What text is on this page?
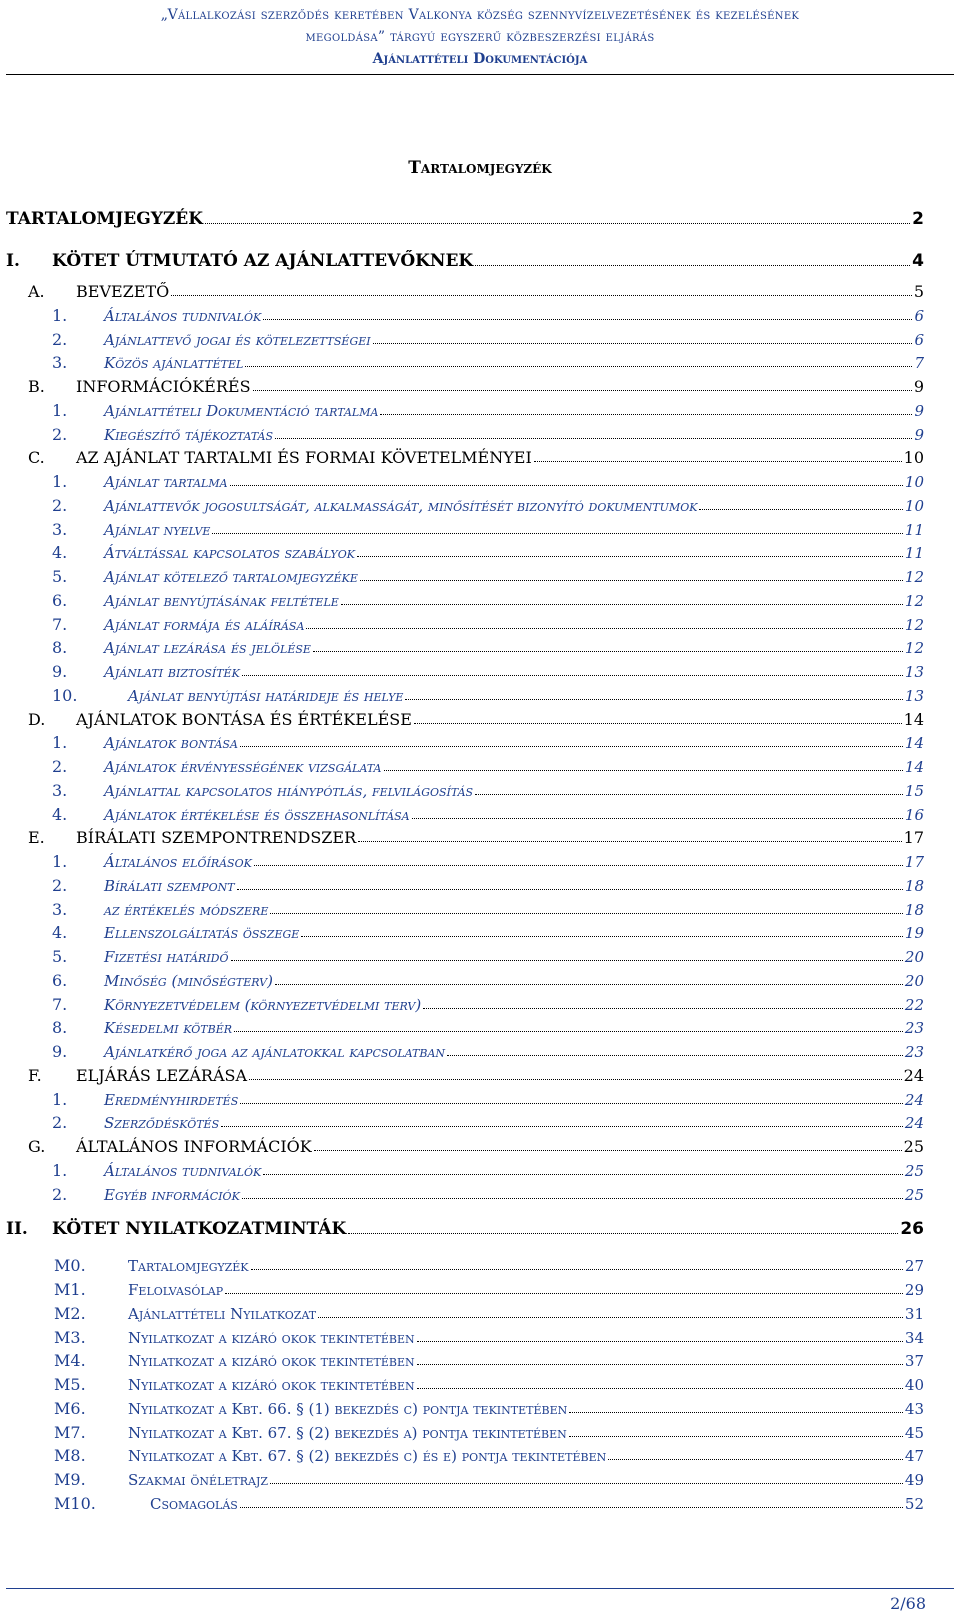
„Vállalkozási szerződés keretében Valkonya község szennyvízelvezetésének és kezelésének
megoldása” tárgyú egyszerű közbeszerzési eljárás
Ajánlattételi Dokumentációja
Tartalomjegyzék
TARTALOMJEGYZÉK	2
I.	KÖTET ÚTMUTATÓ AZ AJÁNLATTEVŐKNEK	4
A.	BEVEZETŐ	5
1.	Általános tudnivalók	6
2.	Ajánlattevő jogai és kötelezettségei	6
3.	Közös ajánlattétel	7
B.	INFORMÁCIÓKÉRÉS	9
1.	Ajánlattételi Dokumentáció tartalma	9
2.	Kiegészítő tájékoztatás	9
C.	AZ AJÁNLAT TARTALMI ÉS FORMAI KÖVETELMÉNYEI	10
1.	Ajánlat tartalma	10
2.	Ajánlattevők jogosultságát, alkalmasságát, minősítését bizonyító dokumentumok	10
3.	Ajánlat nyelve	11
4.	Átváltással kapcsolatos szabályok	11
5.	Ajánlat kötelező tartalomjegyzéke	12
6.	Ajánlat benyújtásának feltétele	12
7.	Ajánlat formája és aláírása	12
8.	Ajánlat lezárása és jelölése	12
9.	Ajánlati biztosíték	13
10.	Ajánlat benyújtási határideje és helye	13
D.	AJÁNLATOK BONTÁSA ÉS ÉRTÉKELÉSE	14
1.	Ajánlatok bontása	14
2.	Ajánlatok érvényességének vizsgálata	14
3.	Ajánlattal kapcsolatos hiánypótlás, felvilágosítás	15
4.	Ajánlatok értékelése és összehasonlítása	16
E.	BÍRÁLATI SZEMPONTRENDSZER	17
1.	Általános előírások	17
2.	Bírálati szempont	18
3.	az értékelés módszere	18
4.	Ellenszolgáltatás összege	19
5.	Fizetési határidő	20
6.	Minőség (minőségterv)	20
7.	Környezetvédelem (környezetvédelmi terv)	22
8.	Késedelmi kötbér	23
9.	Ajánlatkérő joga az ajánlatokkal kapcsolatban	23
F.	ELJÁRÁS LEZÁRÁSA	24
1.	Eredményhirdetés	24
2.	Szerződéskötés	24
G.	ÁLTALÁNOS INFORMÁCIÓK	25
1.	Általános tudnivalók	25
2.	Egyéb információk	25
II.	KÖTET NYILATKOZATMINTÁK	26
M0.	Tartalomjegyzék	27
M1.	Felolvasólap	29
M2.	Ajánlattételi Nyilatkozat	31
M3.	Nyilatkozat a kizáró okok tekintetében	34
M4.	Nyilatkozat a kizáró okok tekintetében	37
M5.	Nyilatkozat a kizáró okok tekintetében	40
M6.	Nyilatkozat a Kbt. 66. § (1) bekezdés c) pontja tekintetében	43
M7.	Nyilatkozat a Kbt. 67. § (2) bekezdés a) pontja tekintetében	45
M8.	Nyilatkozat a Kbt. 67. § (2) bekezdés c) és e) pontja tekintetében	47
M9.	Szakmai önéletrajz	49
M10.	Csomagolás	52
2/68
